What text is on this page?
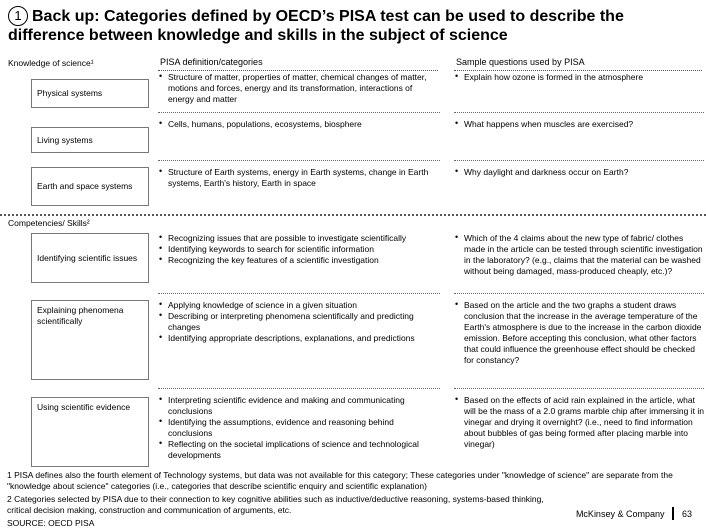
1 Back up: Categories defined by OECD’s PISA test can be used to describe the difference between knowledge and skills in the subject of science
Knowledge of science¹	PISA definition/categories	Sample questions used by PISA
Physical systems
• Structure of matter, properties of matter, chemical changes of matter, motions and forces, energy and its transformation, interactions of energy and matter
• Explain how ozone is formed in the atmosphere
Living systems
• Cells, humans, populations, ecosystems, biosphere
•	What happens when muscles are exercised?
Earth and space systems
• Structure of Earth systems, energy in Earth systems, change in Earth systems, Earth's history, Earth in space
• Why daylight and darkness occur on Earth?
Competencies/ Skills²
Identifying scientific issues
• Recognizing issues that are possible to investigate scientifically
• Identifying keywords to search for scientific information
• Recognizing the key features of a scientific investigation
• Which of the 4 claims about the new type of fabric/ clothes made in the article can be tested through scientific investigation in the laboratory? (e.g., claims that the material can be washed without being damaged, mass-produced cheaply, etc.)?
Explaining phenomena scientifically
• Applying knowledge of science in a given situation
• Describing or interpreting phenomena scientifically and predicting changes
• Identifying appropriate descriptions, explanations, and predictions
• Based on the article and the two graphs a student draws conclusion that the increase in the average temperature of the Earth's atmosphere is due to the increase in the carbon dioxide emission. Before accepting this conclusion, what other factors that could influence the greenhouse effect should be checked for constancy?
Using scientific evidence
• Interpreting scientific evidence and making and communicating conclusions
• Identifying the assumptions, evidence and reasoning behind conclusions
• Reflecting on the societal implications of science and technological developments
• Based on the effects of acid rain explained in the article, what will be the mass of a 2.0 grams marble chip after immersing it in vinegar and drying it overnight? (i.e., need to find information about bubbles of gas being formed after placing marble into vinegar)
1 PISA defines also the fourth element of Technology systems, but data was not available for this category; These categories under "knowledge of science" are separate from the "knowledge about science" categories (i.e., categories that describe scientific enquiry and scientific explanation)
2 Categories selected by PISA due to their connection to key cognitive abilities such as inductive/deductive reasoning, systems-based thinking, critical decision making, construction and communication of arguments, etc.
SOURCE: OECD PISA
McKinsey & Company 63
